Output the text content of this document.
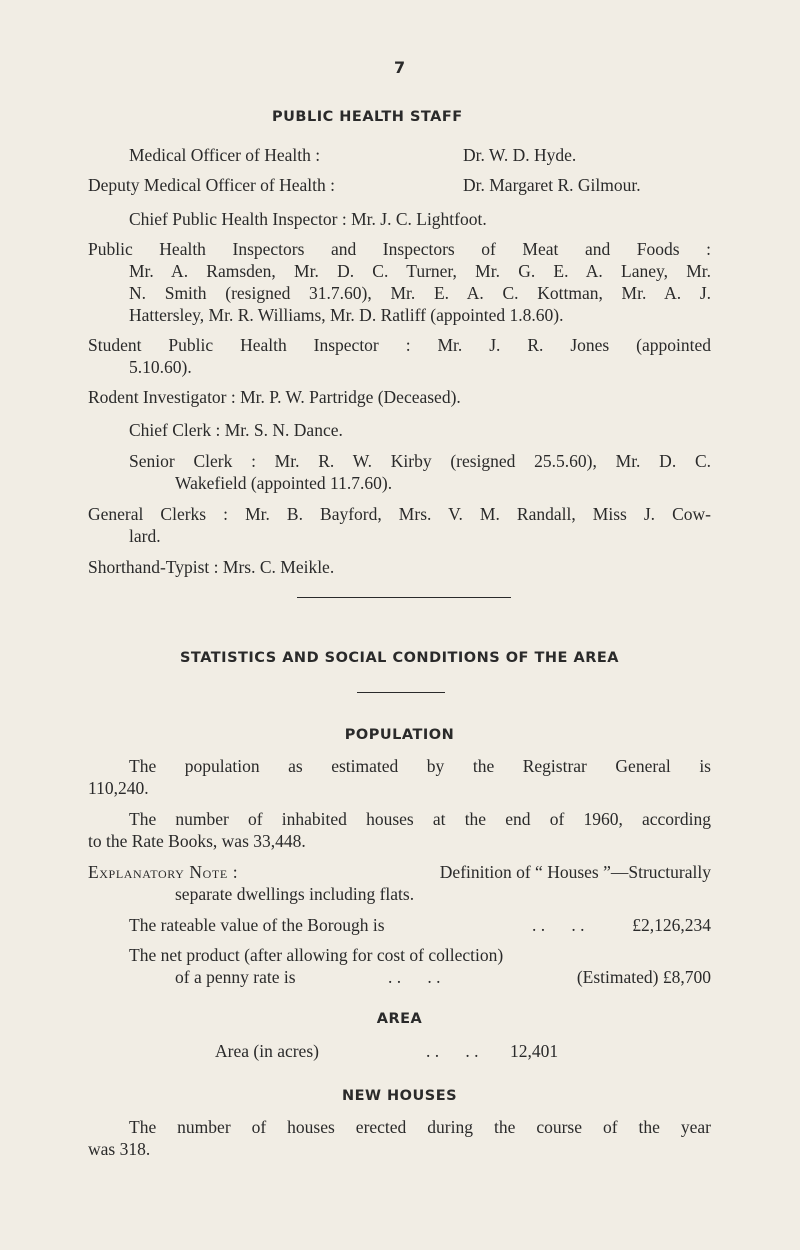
7
PUBLIC HEALTH STAFF
Medical Officer of Health :	Dr. W. D. Hyde.
Deputy Medical Officer of Health :	Dr. Margaret R. Gilmour.
Chief Public Health Inspector : Mr. J. C. Lightfoot.
Public Health Inspectors and Inspectors of Meat and Foods :
Mr. A. Ramsden, Mr. D. C. Turner, Mr. G. E. A. Laney, Mr.
N. Smith (resigned 31.7.60), Mr. E. A. C. Kottman, Mr. A. J.
Hattersley, Mr. R. Williams, Mr. D. Ratliff (appointed 1.8.60).
Student Public Health Inspector : Mr. J. R. Jones (appointed
5.10.60).
Rodent Investigator : Mr. P. W. Partridge (Deceased).
Chief Clerk : Mr. S. N. Dance.
Senior Clerk : Mr. R. W. Kirby (resigned 25.5.60), Mr. D. C.
Wakefield (appointed 11.7.60).
General Clerks : Mr. B. Bayford, Mrs. V. M. Randall, Miss J. Cow-
lard.
Shorthand-Typist : Mrs. C. Meikle.
STATISTICS AND SOCIAL CONDITIONS OF THE AREA
POPULATION
The population as estimated by the Registrar General is
110,240.
The number of inhabited houses at the end of 1960, according
to the Rate Books, was 33,448.
Explanatory Note :	Definition of “ Houses ”—Structurally
separate dwellings including flats.
The rateable value of the Borough is	. .      . .	£2,126,234
The net product (after allowing for cost of collection)
of a penny rate is	. .      . .	(Estimated) £8,700
AREA
Area (in acres)	. .      . . 12,401
NEW HOUSES
The number of houses erected during the course of the year
was 318.
